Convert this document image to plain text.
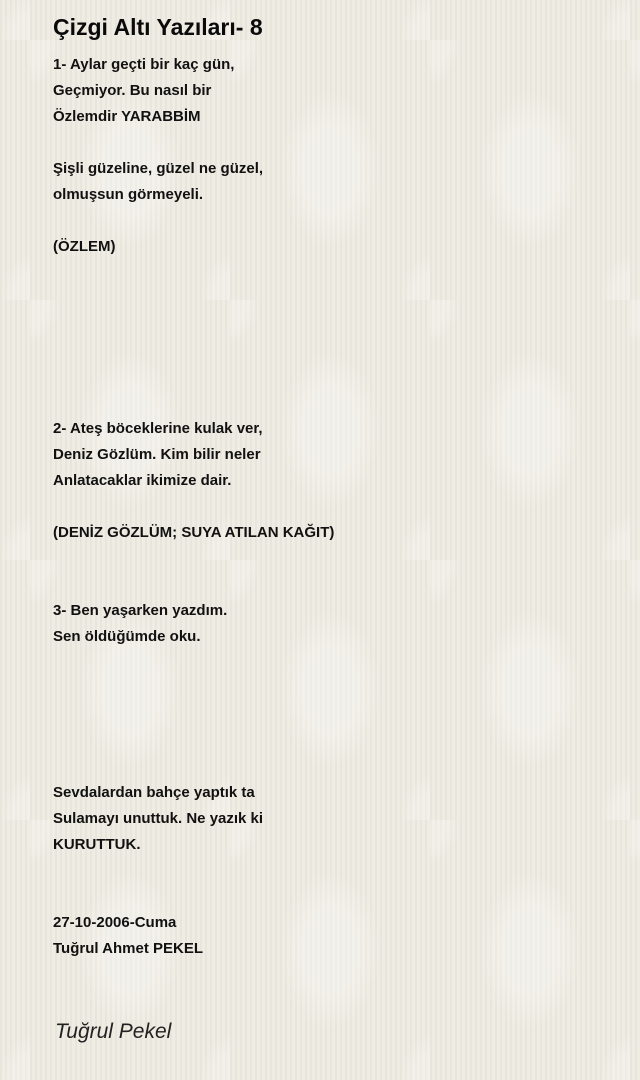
Çizgi Altı Yazıları- 8
1- Aylar geçti bir kaç gün,
Geçmiyor. Bu nasıl bir
Özlemdir YARABBİM
Şişli güzeline, güzel ne güzel,
olmuşsun görmeyeli.
(ÖZLEM)
2- Ateş böceklerine kulak ver,
Deniz Gözlüm. Kim bilir neler
Anlatacaklar ikimize dair.
(DENİZ GÖZLÜM; SUYA ATILAN KAĞIT)
3- Ben yaşarken yazdım.
Sen öldüğümde oku.
Sevdalardan bahçe yaptık ta
Sulamayı unuttuk. Ne yazık ki
KURUTTUK.
27-10-2006-Cuma
Tuğrul Ahmet PEKEL
Tuğrul Pekel
